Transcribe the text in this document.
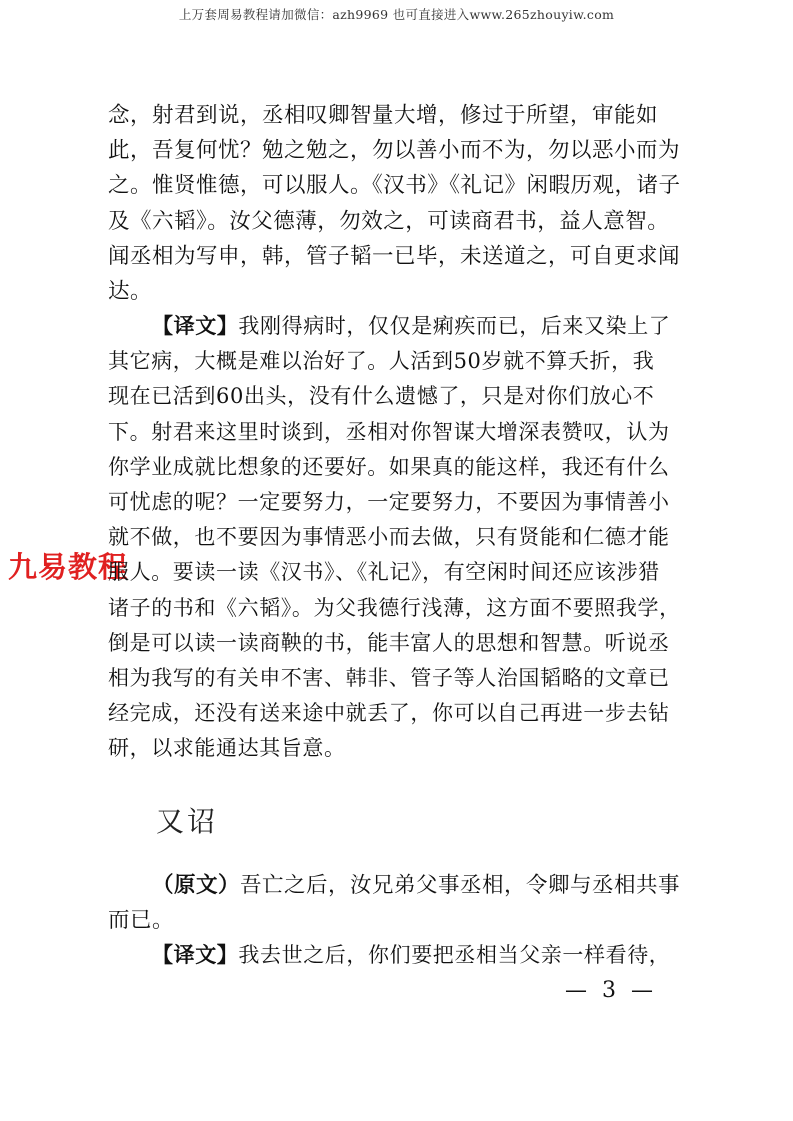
上万套周易教程请加微信：azh9969 也可直接进入www.265zhouyiw.com
九易教程
念，射君到说，丞相叹卿智量大增，修过于所望，审能如
此，吾复何忧？勉之勉之，勿以善小而不为，勿以恶小而为
之。惟贤惟德，可以服人。《汉书》《礼记》闲暇历观，诸子
及《六韬》。汝父德薄，勿效之，可读商君书，益人意智。
闻丞相为写申，韩，管子韬一已毕，未送道之，可自更求闻
达。
【译文】我刚得病时，仅仅是痢疾而已，后来又染上了
其它病，大概是难以治好了。人活到50岁就不算夭折，我
现在已活到60出头，没有什么遗憾了，只是对你们放心不
下。射君来这里时谈到，丞相对你智谋大增深表赞叹，认为
你学业成就比想象的还要好。如果真的能这样，我还有什么
可忧虑的呢？一定要努力，一定要努力，不要因为事情善小
就不做，也不要因为事情恶小而去做，只有贤能和仁德才能
服人。要读一读《汉书》、《礼记》，有空闲时间还应该涉猎
诸子的书和《六韬》。为父我德行浅薄，这方面不要照我学，
倒是可以读一读商鞅的书，能丰富人的思想和智慧。听说丞
相为我写的有关申不害、韩非、管子等人治国韬略的文章已
经完成，还没有送来途中就丢了，你可以自己再进一步去钻
研，以求能通达其旨意。
又诏
（原文）吾亡之后，汝兄弟父事丞相，令卿与丞相共事
而已。
【译文】我去世之后，你们要把丞相当父亲一样看待，
— 3 —
